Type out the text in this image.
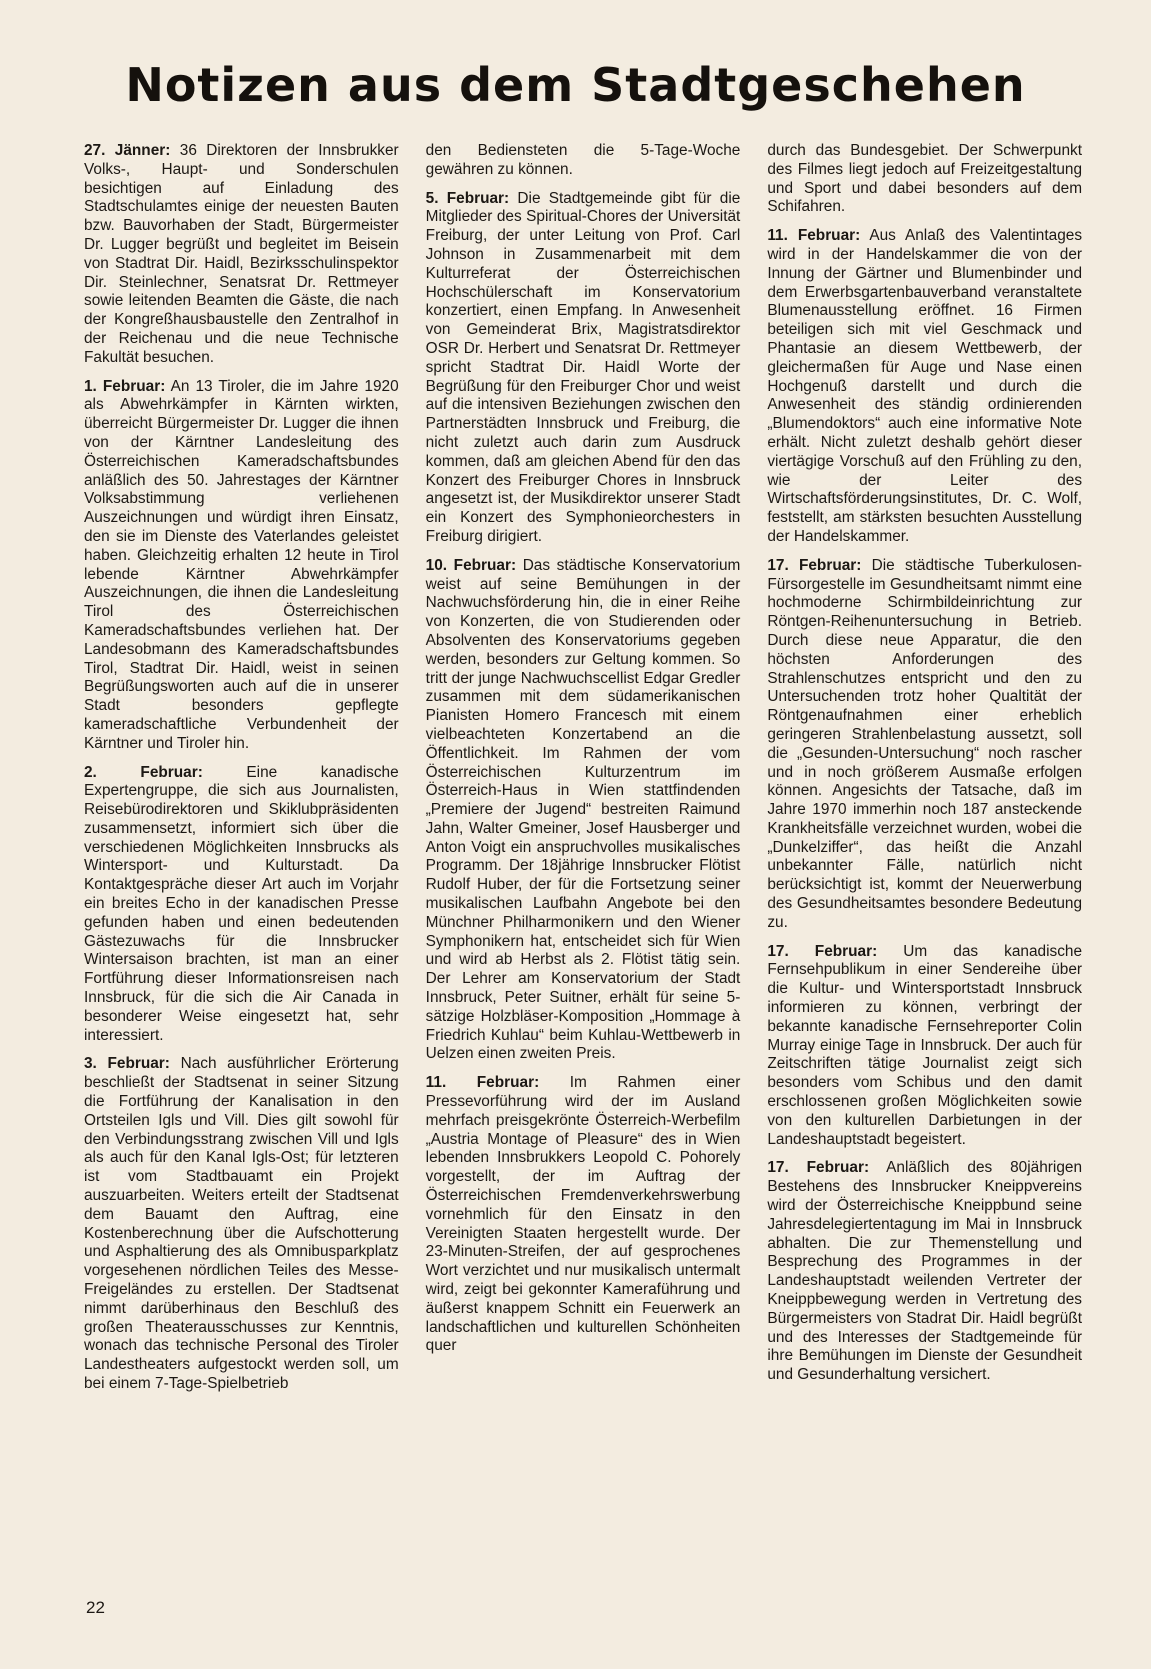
Notizen aus dem Stadtgeschehen

27. Jänner: 36 Direktoren der Innsbrukker Volks-, Haupt- und Sonderschulen besichtigen auf Einladung des Stadtschulamtes einige der neuesten Bauten bzw. Bauvorhaben der Stadt, Bürgermeister Dr. Lugger begrüßt und begleitet im Beisein von Stadtrat Dir. Haidl, Bezirksschulinspektor Dir. Steinlechner, Senatsrat Dr. Rettmeyer sowie leitenden Beamten die Gäste, die nach der Kongreßhausbaustelle den Zentralhof in der Reichenau und die neue Technische Fakultät besuchen.

1. Februar: An 13 Tiroler, die im Jahre 1920 als Abwehrkämpfer in Kärnten wirkten, überreicht Bürgermeister Dr. Lugger die ihnen von der Kärntner Landesleitung des Österreichischen Kameradschaftsbundes anläßlich des 50. Jahrestages der Kärntner Volksabstimmung verliehenen Auszeichnungen und würdigt ihren Einsatz, den sie im Dienste des Vaterlandes geleistet haben. Gleichzeitig erhalten 12 heute in Tirol lebende Kärntner Abwehrkämpfer Auszeichnungen, die ihnen die Landesleitung Tirol des Österreichischen Kameradschaftsbundes verliehen hat. Der Landesobmann des Kameradschaftsbundes Tirol, Stadtrat Dir. Haidl, weist in seinen Begrüßungsworten auch auf die in unserer Stadt besonders gepflegte kameradschaftliche Verbundenheit der Kärntner und Tiroler hin.

2. Februar: Eine kanadische Expertengruppe, die sich aus Journalisten, Reisebürodirektoren und Skiklubpräsidenten zusammensetzt, informiert sich über die verschiedenen Möglichkeiten Innsbrucks als Wintersport- und Kulturstadt. Da Kontaktgespräche dieser Art auch im Vorjahr ein breites Echo in der kanadischen Presse gefunden haben und einen bedeutenden Gästezuwachs für die Innsbrucker Wintersaison brachten, ist man an einer Fortführung dieser Informationsreisen nach Innsbruck, für die sich die Air Canada in besonderer Weise eingesetzt hat, sehr interessiert.

3. Februar: Nach ausführlicher Erörterung beschließt der Stadtsenat in seiner Sitzung die Fortführung der Kanalisation in den Ortsteilen Igls und Vill. Dies gilt sowohl für den Verbindungsstrang zwischen Vill und Igls als auch für den Kanal Igls-Ost; für letzteren ist vom Stadtbauamt ein Projekt auszuarbeiten. Weiters erteilt der Stadtsenat dem Bauamt den Auftrag, eine Kostenberechnung über die Aufschotterung und Asphaltierung des als Omnibusparkplatz vorgesehenen nördlichen Teiles des Messe-Freigeländes zu erstellen. Der Stadtsenat nimmt darüberhinaus den Beschluß des großen Theaterausschusses zur Kenntnis, wonach das technische Personal des Tiroler Landestheaters aufgestockt werden soll, um bei einem 7-Tage-Spielbetrieb

den Bediensteten die 5-Tage-Woche gewähren zu können.

5. Februar: Die Stadtgemeinde gibt für die Mitglieder des Spiritual-Chores der Universität Freiburg, der unter Leitung von Prof. Carl Johnson in Zusammenarbeit mit dem Kulturreferat der Österreichischen Hochschülerschaft im Konservatorium konzertiert, einen Empfang. In Anwesenheit von Gemeinderat Brix, Magistratsdirektor OSR Dr. Herbert und Senatsrat Dr. Rettmeyer spricht Stadtrat Dir. Haidl Worte der Begrüßung für den Freiburger Chor und weist auf die intensiven Beziehungen zwischen den Partnerstädten Innsbruck und Freiburg, die nicht zuletzt auch darin zum Ausdruck kommen, daß am gleichen Abend für den das Konzert des Freiburger Chores in Innsbruck angesetzt ist, der Musikdirektor unserer Stadt ein Konzert des Symphonieorchesters in Freiburg dirigiert.

10. Februar: Das städtische Konservatorium weist auf seine Bemühungen in der Nachwuchsförderung hin, die in einer Reihe von Konzerten, die von Studierenden oder Absolventen des Konservatoriums gegeben werden, besonders zur Geltung kommen. So tritt der junge Nachwuchscellist Edgar Gredler zusammen mit dem südamerikanischen Pianisten Homero Francesch mit einem vielbeachteten Konzertabend an die Öffentlichkeit. Im Rahmen der vom Österreichischen Kulturzentrum im Österreich-Haus in Wien stattfindenden „Premiere der Jugend“ bestreiten Raimund Jahn, Walter Gmeiner, Josef Hausberger und Anton Voigt ein anspruchvolles musikalisches Programm. Der 18jährige Innsbrucker Flötist Rudolf Huber, der für die Fortsetzung seiner musikalischen Laufbahn Angebote bei den Münchner Philharmonikern und den Wiener Symphonikern hat, entscheidet sich für Wien und wird ab Herbst als 2. Flötist tätig sein. Der Lehrer am Konservatorium der Stadt Innsbruck, Peter Suitner, erhält für seine 5-sätzige Holzbläser-Komposition „Hommage à Friedrich Kuhlau“ beim Kuhlau-Wettbewerb in Uelzen einen zweiten Preis.

11. Februar: Im Rahmen einer Pressevorführung wird der im Ausland mehrfach preisgekrönte Österreich-Werbefilm „Austria Montage of Pleasure“ des in Wien lebenden Innsbrukkers Leopold C. Pohorely vorgestellt, der im Auftrag der Österreichischen Fremdenverkehrswerbung vornehmlich für den Einsatz in den Vereinigten Staaten hergestellt wurde. Der 23-Minuten-Streifen, der auf gesprochenes Wort verzichtet und nur musikalisch untermalt wird, zeigt bei gekonnter Kameraführung und äußerst knappem Schnitt ein Feuerwerk an landschaftlichen und kulturellen Schönheiten quer

durch das Bundesgebiet. Der Schwerpunkt des Filmes liegt jedoch auf Freizeitgestaltung und Sport und dabei besonders auf dem Schifahren.

11. Februar: Aus Anlaß des Valentintages wird in der Handelskammer die von der Innung der Gärtner und Blumenbinder und dem Erwerbsgartenbauverband veranstaltete Blumenausstellung eröffnet. 16 Firmen beteiligen sich mit viel Geschmack und Phantasie an diesem Wettbewerb, der gleichermaßen für Auge und Nase einen Hochgenuß darstellt und durch die Anwesenheit des ständig ordinierenden „Blumendoktors“ auch eine informative Note erhält. Nicht zuletzt deshalb gehört dieser viertägige Vorschuß auf den Frühling zu den, wie der Leiter des Wirtschaftsförderungsinstitutes, Dr. C. Wolf, feststellt, am stärksten besuchten Ausstellung der Handelskammer.

17. Februar: Die städtische Tuberkulosen-Fürsorgestelle im Gesundheitsamt nimmt eine hochmoderne Schirmbildeinrichtung zur Röntgen-Reihenuntersuchung in Betrieb. Durch diese neue Apparatur, die den höchsten Anforderungen des Strahlenschutzes entspricht und den zu Untersuchenden trotz hoher Qualtität der Röntgenaufnahmen einer erheblich geringeren Strahlenbelastung aussetzt, soll die „Gesunden-Untersuchung“ noch rascher und in noch größerem Ausmaße erfolgen können. Angesichts der Tatsache, daß im Jahre 1970 immerhin noch 187 ansteckende Krankheitsfälle verzeichnet wurden, wobei die „Dunkelziffer“, das heißt die Anzahl unbekannter Fälle, natürlich nicht berücksichtigt ist, kommt der Neuerwerbung des Gesundheitsamtes besondere Bedeutung zu.

17. Februar: Um das kanadische Fernsehpublikum in einer Sendereihe über die Kultur- und Wintersportstadt Innsbruck informieren zu können, verbringt der bekannte kanadische Fernsehreporter Colin Murray einige Tage in Innsbruck. Der auch für Zeitschriften tätige Journalist zeigt sich besonders vom Schibus und den damit erschlossenen großen Möglichkeiten sowie von den kulturellen Darbietungen in der Landeshauptstadt begeistert.

17. Februar: Anläßlich des 80jährigen Bestehens des Innsbrucker Kneippvereins wird der Österreichische Kneippbund seine Jahresdelegiertentagung im Mai in Innsbruck abhalten. Die zur Themenstellung und Besprechung des Programmes in der Landeshauptstadt weilenden Vertreter der Kneippbewegung werden in Vertretung des Bürgermeisters von Stadrat Dir. Haidl begrüßt und des Interesses der Stadtgemeinde für ihre Bemühungen im Dienste der Gesundheit und Gesunderhaltung versichert.

22
